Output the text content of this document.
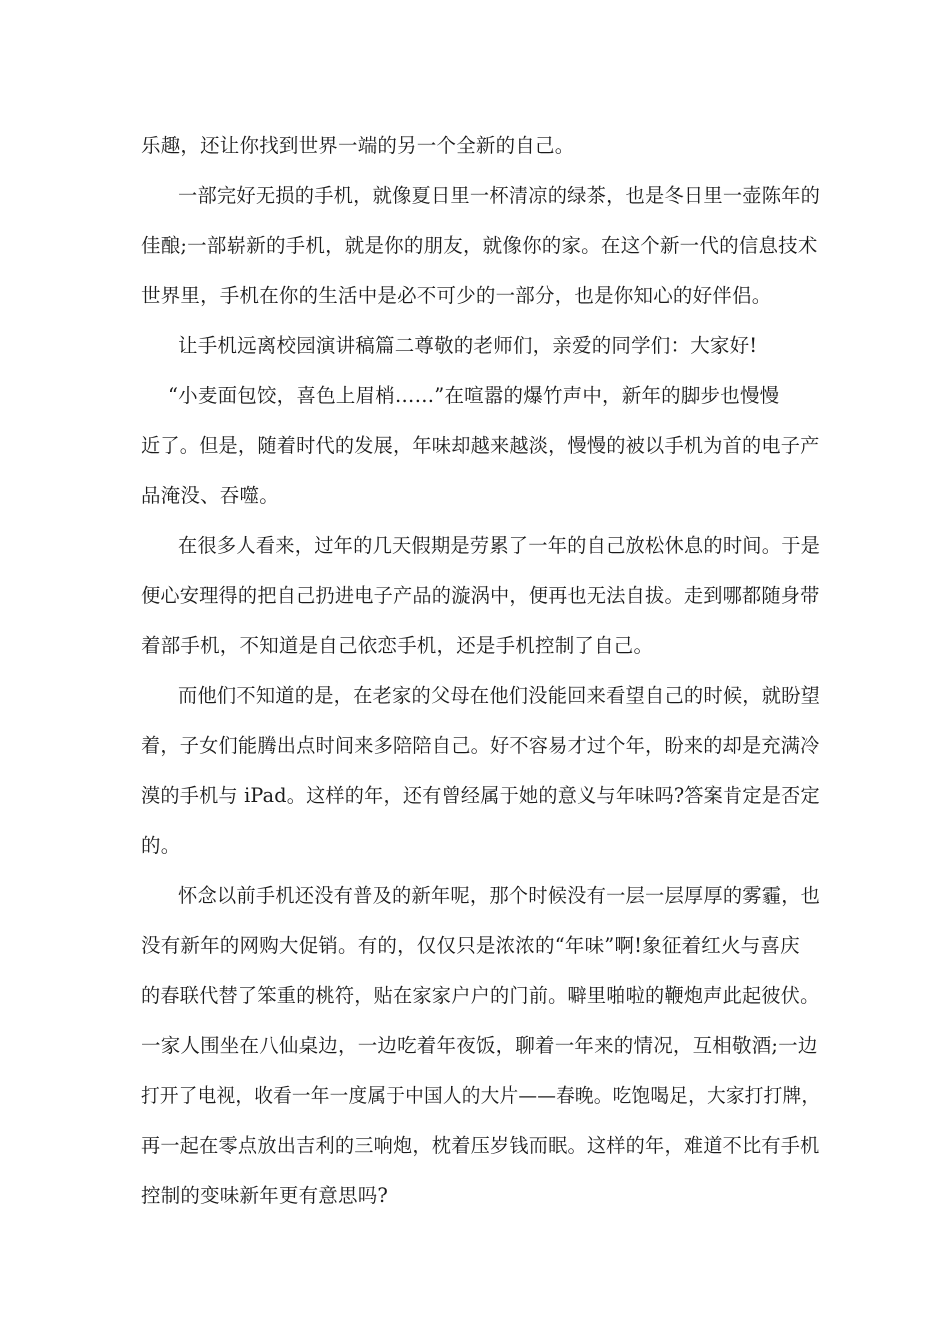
乐趣，还让你找到世界一端的另一个全新的自己。
一部完好无损的手机，就像夏日里一杯清凉的绿茶，也是冬日里一壶陈年的
佳酿;一部崭新的手机，就是你的朋友，就像你的家。在这个新一代的信息技术
世界里，手机在你的生活中是必不可少的一部分，也是你知心的好伴侣。
让手机远离校园演讲稿篇二尊敬的老师们，亲爱的同学们：大家好!
“小麦面包饺，喜色上眉梢……”在喧嚣的爆竹声中，新年的脚步也慢慢
近了。但是，随着时代的发展，年味却越来越淡，慢慢的被以手机为首的电子产
品淹没、吞噬。
在很多人看来，过年的几天假期是劳累了一年的自己放松休息的时间。于是
便心安理得的把自己扔进电子产品的漩涡中，便再也无法自拔。走到哪都随身带
着部手机，不知道是自己依恋手机，还是手机控制了自己。
而他们不知道的是，在老家的父母在他们没能回来看望自己的时候，就盼望
着，子女们能腾出点时间来多陪陪自己。好不容易才过个年，盼来的却是充满冷
漠的手机与 iPad。这样的年，还有曾经属于她的意义与年味吗?答案肯定是否定
的。
怀念以前手机还没有普及的新年呢，那个时候没有一层一层厚厚的雾霾，也
没有新年的网购大促销。有的，仅仅只是浓浓的“年味”啊!象征着红火与喜庆
的春联代替了笨重的桃符，贴在家家户户的门前。噼里啪啦的鞭炮声此起彼伏。
一家人围坐在八仙桌边，一边吃着年夜饭，聊着一年来的情况，互相敬酒;一边
打开了电视，收看一年一度属于中国人的大片——春晚。吃饱喝足，大家打打牌，
再一起在零点放出吉利的三响炮，枕着压岁钱而眠。这样的年，难道不比有手机
控制的变味新年更有意思吗?
